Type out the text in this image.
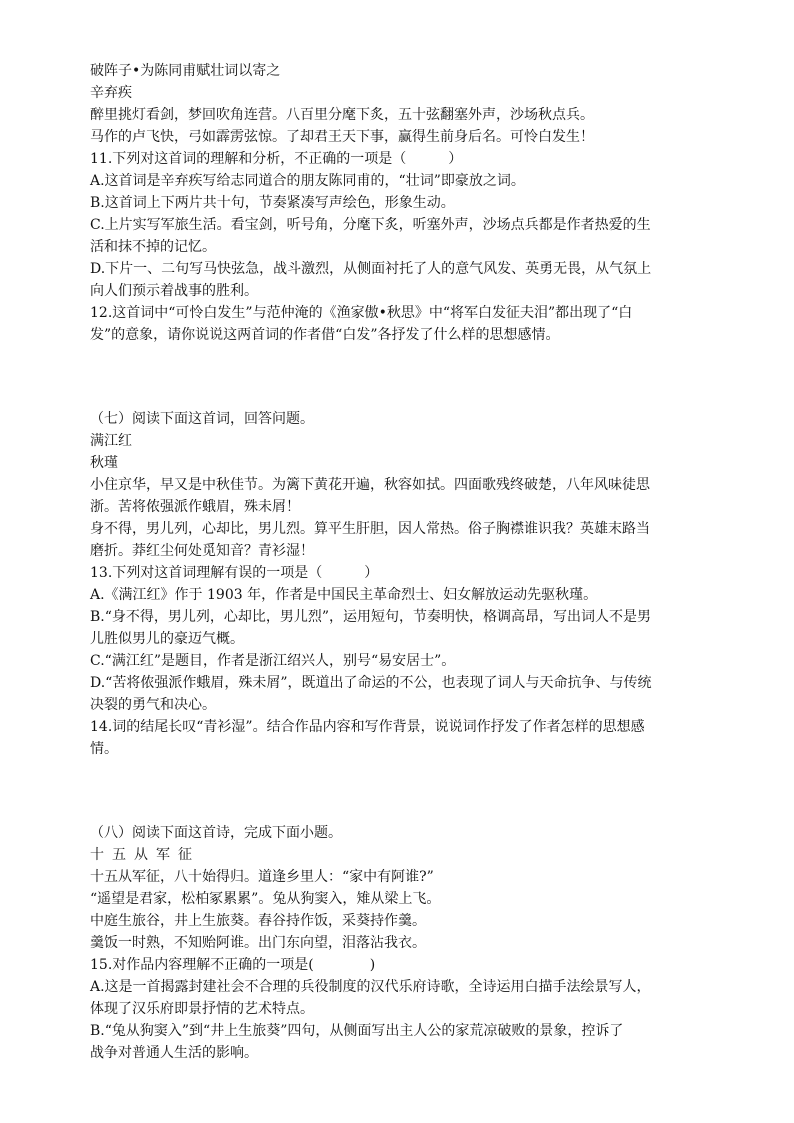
破阵子•为陈同甫赋壮词以寄之
辛弃疾
醉里挑灯看剑，梦回吹角连营。八百里分麾下炙，五十弦翻塞外声，沙场秋点兵。
马作的卢飞快，弓如霹雳弦惊。了却君王天下事，赢得生前身后名。可怜白发生！
11.下列对这首词的理解和分析，不正确的一项是（　　　）
A.这首词是辛弃疾写给志同道合的朋友陈同甫的，“壮词”即豪放之词。
B.这首词上下两片共十句，节奏紧凑写声绘色，形象生动。
C.上片实写军旅生活。看宝剑，听号角，分麾下炙，听塞外声，沙场点兵都是作者热爱的生
活和抹不掉的记忆。
D.下片一、二句写马快弦急，战斗激烈，从侧面衬托了人的意气风发、英勇无畏，从气氛上
向人们预示着战事的胜利。
12.这首词中“可怜白发生”与范仲淹的《渔家傲•秋思》中“将军白发征夫泪”都出现了“白
发”的意象，请你说说这两首词的作者借“白发”各抒发了什么样的思想感情。
（七）阅读下面这首词，回答问题。
满江红
秋瑾
小住京华，早又是中秋佳节。为篱下黄花开遍，秋容如拭。四面歌残终破楚，八年风味徒思
浙。苦将侬强派作蛾眉，殊未屑！
身不得，男儿列，心却比，男儿烈。算平生肝胆，因人常热。俗子胸襟谁识我？英雄末路当
磨折。莽红尘何处觅知音？青衫湿！
13.下列对这首词理解有误的一项是（　　　）
A.《满江红》作于 1903 年，作者是中国民主革命烈士、妇女解放运动先驱秋瑾。
B.“身不得，男儿列，心却比，男儿烈”，运用短句，节奏明快，格调高昂，写出词人不是男
儿胜似男儿的豪迈气概。
C.“满江红”是题目，作者是浙江绍兴人，别号“易安居士”。
D.“苦将侬强派作蛾眉，殊未屑”，既道出了命运的不公，也表现了词人与天命抗争、与传统
决裂的勇气和决心。
14.词的结尾长叹“青衫湿”。结合作品内容和写作背景，说说词作抒发了作者怎样的思想感
情。
（八）阅读下面这首诗，完成下面小题。
十五从军征
十五从军征，八十始得归。道逢乡里人：“家中有阿谁?”
“遥望是君家，松柏冢累累”。兔从狗窦入，雉从梁上飞。
中庭生旅谷，井上生旅葵。舂谷持作饭，采葵持作羹。
羹饭一时熟，不知贻阿谁。出门东向望，泪落沾我衣。
15.对作品内容理解不正确的一项是(　　　　)
A.这是一首揭露封建社会不合理的兵役制度的汉代乐府诗歌，全诗运用白描手法绘景写人，
体现了汉乐府即景抒情的艺术特点。
B.“兔从狗窦入”到“井上生旅葵”四句，从侧面写出主人公的家荒凉破败的景象，控诉了
战争对普通人生活的影响。
